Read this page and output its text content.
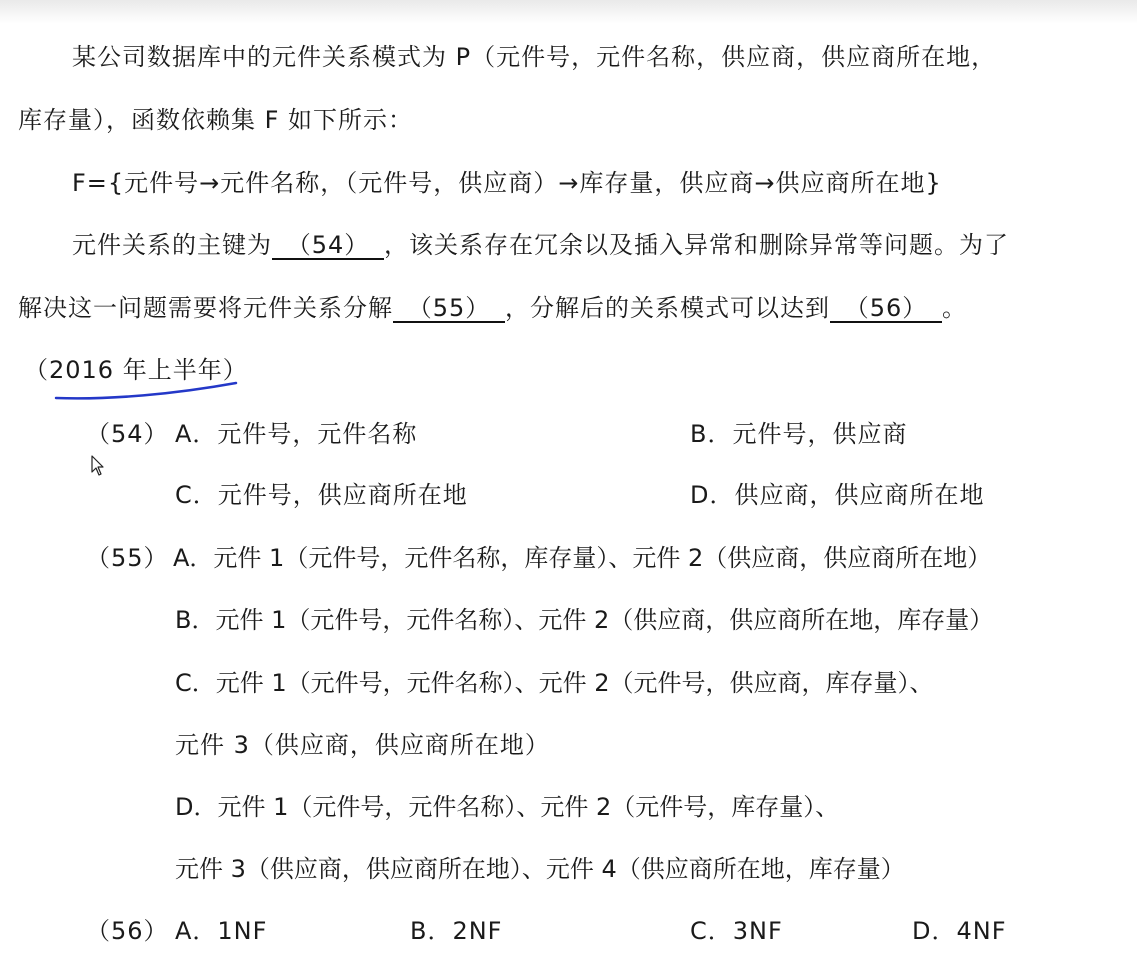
某公司数据库中的元件关系模式为 P（元件号，元件名称，供应商，供应商所在地，
库存量），函数依赖集 F 如下所示：
F={元件号→元件名称，（元件号，供应商）→库存量，供应商→供应商所在地}
元件关系的主键为 （54） ，该关系存在冗余以及插入异常和删除异常等问题。为了
解决这一问题需要将元件关系分解 （55） ，分解后的关系模式可以达到 （56） 。
（2016 年上半年）
（54） A．元件号，元件名称	B．元件号，供应商
C．元件号，供应商所在地	D．供应商，供应商所在地
（55） A．元件 1（元件号，元件名称，库存量）、元件 2（供应商，供应商所在地）
B．元件 1（元件号，元件名称）、元件 2（供应商，供应商所在地，库存量）
C．元件 1（元件号，元件名称）、元件 2（元件号，供应商，库存量）、
元件 3（供应商，供应商所在地）
D．元件 1（元件号，元件名称）、元件 2（元件号，库存量）、
元件 3（供应商，供应商所在地）、元件 4（供应商所在地，库存量）
（56） A．1NF	B．2NF	C．3NF	D．4NF
